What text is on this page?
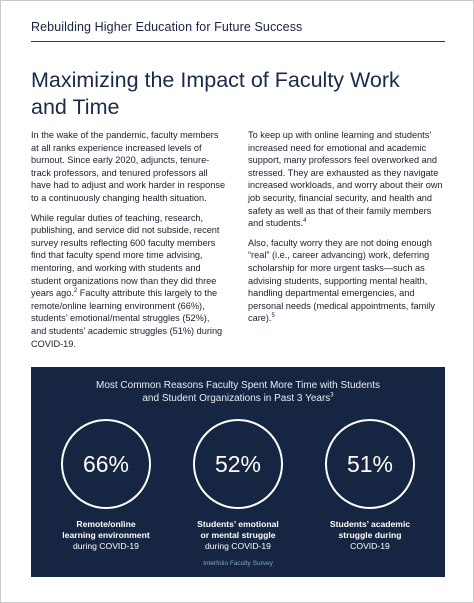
Rebuilding Higher Education for Future Success
Maximizing the Impact of Faculty Work
and Time

In the wake of the pandemic, faculty members at all ranks experience increased levels of burnout. Since early 2020, adjuncts, tenure-track professors, and tenured professors all have had to adjust and work harder in response to a continuously changing health situation.

While regular duties of teaching, research, publishing, and service did not subside, recent survey results reflecting 600 faculty members find that faculty spend more time advising, mentoring, and working with students and student organizations now than they did three years ago.$^2$ Faculty attribute this largely to the remote/online learning environment (66%), students’ emotional/mental struggles (52%), and students’ academic struggles (51%) during COVID-19.

To keep up with online learning and students’ increased need for emotional and academic support, many professors feel overworked and stressed. They are exhausted as they navigate increased workloads, and worry about their own job security, financial security, and health and safety as well as that of their family members and students.$^4$

Also, faculty worry they are not doing enough “real” (i.e., career advancing) work, deferring scholarship for more urgent tasks—such as advising students, supporting mental health, handling departmental emergencies, and personal needs (medical appointments, family care).$^5$

Most Common Reasons Faculty Spent More Time with Students
and Student Organizations in Past 3 Years$^3$
66%
Remote/online
learning environment
during COVID-19
52%
Students’ emotional
or mental struggle
during COVID-19
51%
Students’ academic
struggle during
COVID-19
Interfolio Faculty Survey
